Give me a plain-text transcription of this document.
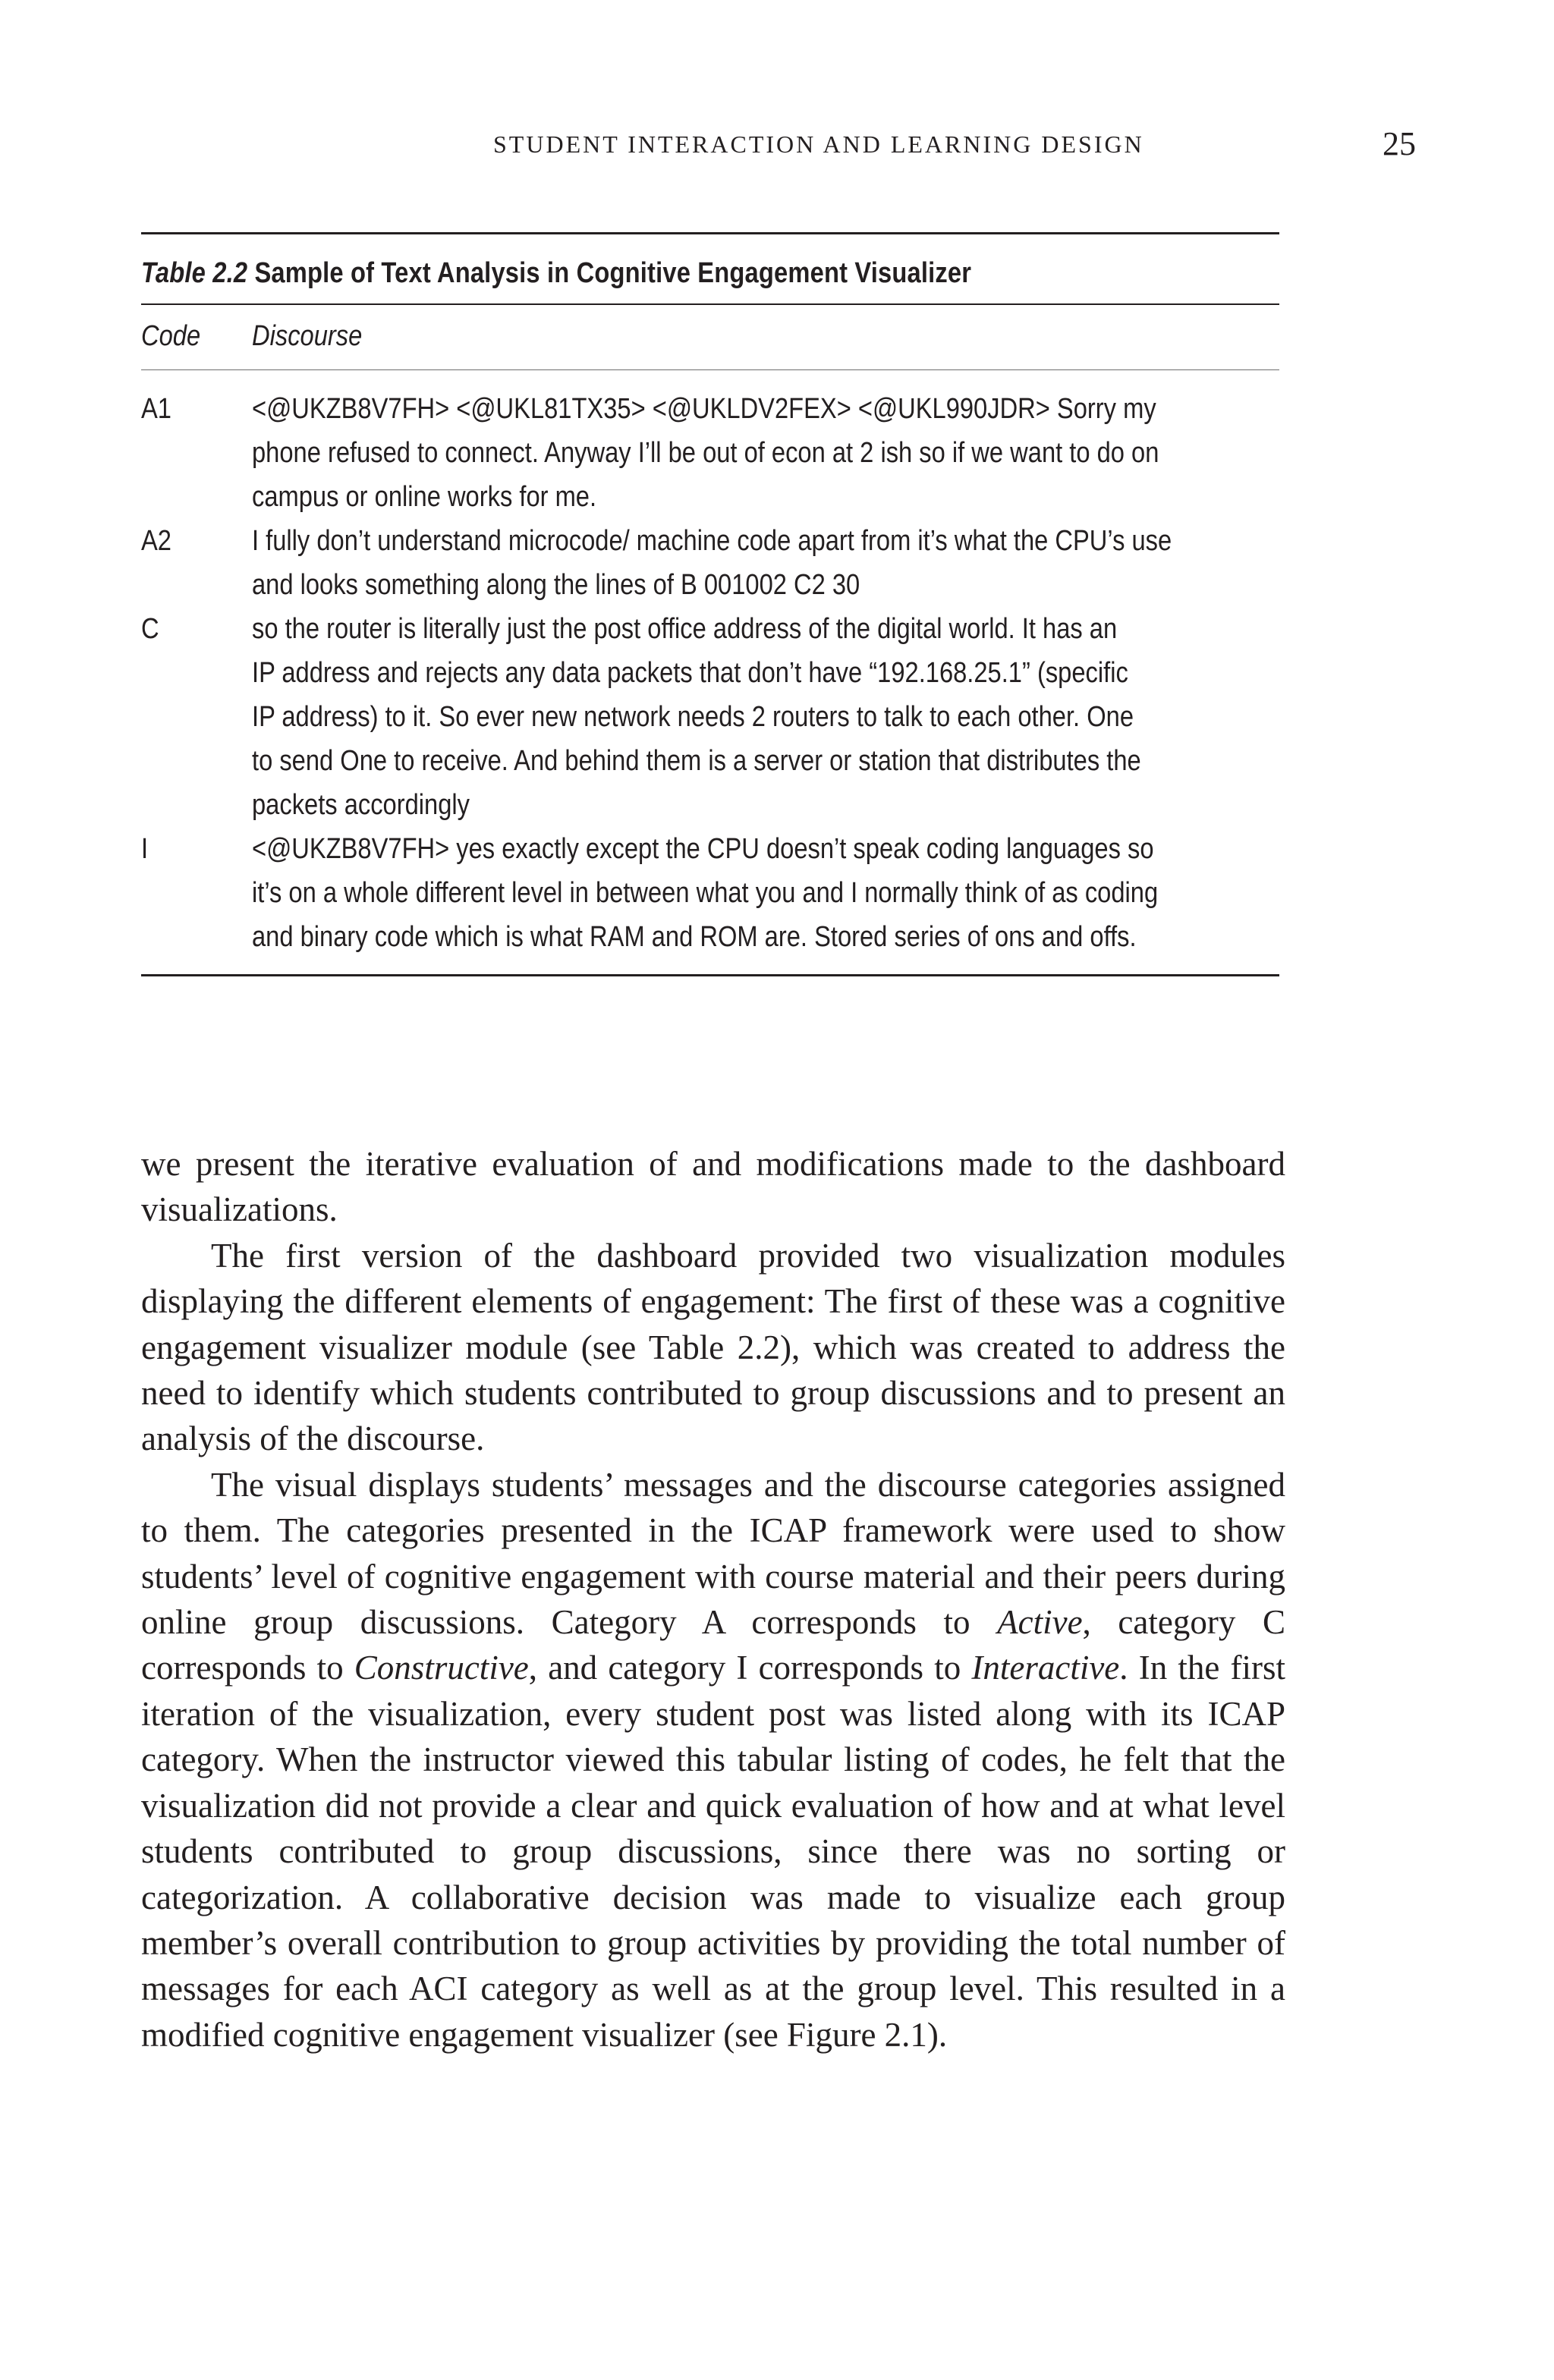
STUDENT INTERACTION AND LEARNING DESIGN	25
Table 2.2 Sample of Text Analysis in Cognitive Engagement Visualizer
Code	Discourse
A1	<@UKZB8V7FH> <@UKL81TX35> <@UKLDV2FEX> <@UKL990JDR> Sorry my
phone refused to connect. Anyway I’ll be out of econ at 2 ish so if we want to do on
campus or online works for me.
A2	I fully don’t understand microcode/ machine code apart from it’s what the CPU’s use
and looks something along the lines of B 001002 C2 30
C	so the router is literally just the post office address of the digital world. It has an
IP address and rejects any data packets that don’t have “192.168.25.1” (specific
IP address) to it. So ever new network needs 2 routers to talk to each other. One
to send One to receive. And behind them is a server or station that distributes the
packets accordingly
I	<@UKZB8V7FH> yes exactly except the CPU doesn’t speak coding languages so
it’s on a whole different level in between what you and I normally think of as coding
and binary code which is what RAM and ROM are. Stored series of ons and offs.

we present the iterative evaluation of and modifications made to the dashboard visualizations.

The first version of the dashboard provided two visualization modules displaying the different elements of engagement: The first of these was a cognitive engagement visualizer module (see Table 2.2), which was created to address the need to identify which students contributed to group discussions and to present an analysis of the discourse.

The visual displays students’ messages and the discourse categories assigned to them. The categories presented in the ICAP framework were used to show students’ level of cognitive engagement with course material and their peers during online group discussions. Category A corresponds to Active, category C corresponds to Constructive, and category I corresponds to Interactive. In the first iteration of the visualization, every student post was listed along with its ICAP category. When the instructor viewed this tabular listing of codes, he felt that the visualization did not provide a clear and quick evaluation of how and at what level students contributed to group discussions, since there was no sorting or categorization. A collaborative decision was made to visualize each group member’s overall contribution to group activities by providing the total number of messages for each ACI category as well as at the group level. This resulted in a modified cognitive engagement visualizer (see Figure 2.1).
